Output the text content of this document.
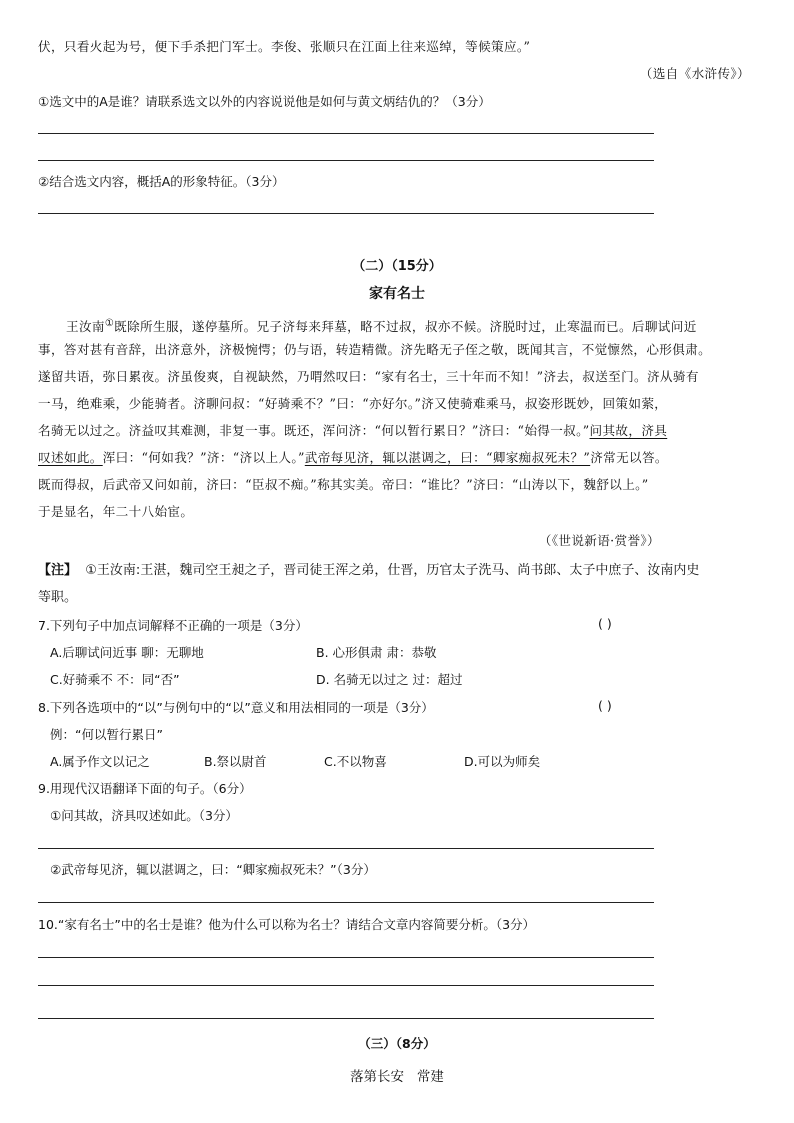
伏，只看火起为号，便下手杀把门军士。李俊、张顺只在江面上往来巡绰，等候策应。”
（选自《水浒传》）
①选文中的A是谁？请联系选文以外的内容说说他是如何与黄文炳结仇的？（3分）
②结合选文内容，概括A的形象特征。（3分）
（二）（15分）
家有名士
王汝南①既除所生服，遂停墓所。兄子济每来拜墓，略不过叔，叔亦不候。济脱时过，止寒温而已。后聊试问近
事，答对甚有音辞，出济意外，济极惋愕；仍与语，转造精微。济先略无子侄之敬，既闻其言，不觉懔然，心形俱肃。
遂留共语，弥日累夜。济虽俊爽，自视缺然，乃喟然叹曰：“家有名士，三十年而不知！”济去，叔送至门。济从骑有
一马，绝难乘，少能骑者。济聊问叔：“好骑乘不？”曰：“亦好尔。”济又使骑难乘马，叔姿形既妙，回策如萦，
名骑无以过之。济益叹其难测，非复一事。既还，浑问济：“何以暂行累日？”济曰：“始得一叔。”问其故，济具
叹述如此。浑曰：“何如我？”济：“济以上人。”武帝每见济，辄以湛调之，曰：“卿家痴叔死未？”济常无以答。
既而得叔，后武帝又问如前，济曰：“臣叔不痴。”称其实美。帝曰：“谁比？”济曰：“山涛以下，魏舒以上。”
于是显名，年二十八始宦。
（《世说新语·赏誉》）
【注】 ①王汝南:王湛，魏司空王昶之子，晋司徒王浑之弟，仕晋，历官太子洗马、尚书郎、太子中庶子、汝南内史
等职。
7.下列句子中加点词解释不正确的一项是（3分）	( )
A.后聊试问近事 聊：无聊地	B. 心形俱肃 肃：恭敬
C.好骑乘不 不：同“否”	D. 名骑无以过之 过：超过
8.下列各选项中的“以”与例句中的“以”意义和用法相同的一项是（3分）	( )
例：“何以暂行累日”
A.属予作文以记之	B.祭以尉首	C.不以物喜	D.可以为师矣
9.用现代汉语翻译下面的句子。（6分）
①问其故，济具叹述如此。（3分）
②武帝每见济，辄以湛调之，曰：“卿家痴叔死未？”（3分）
10.“家有名士”中的名士是谁？他为什么可以称为名士？请结合文章内容简要分析。（3分）
（三）（8分）
落第长安   常建
